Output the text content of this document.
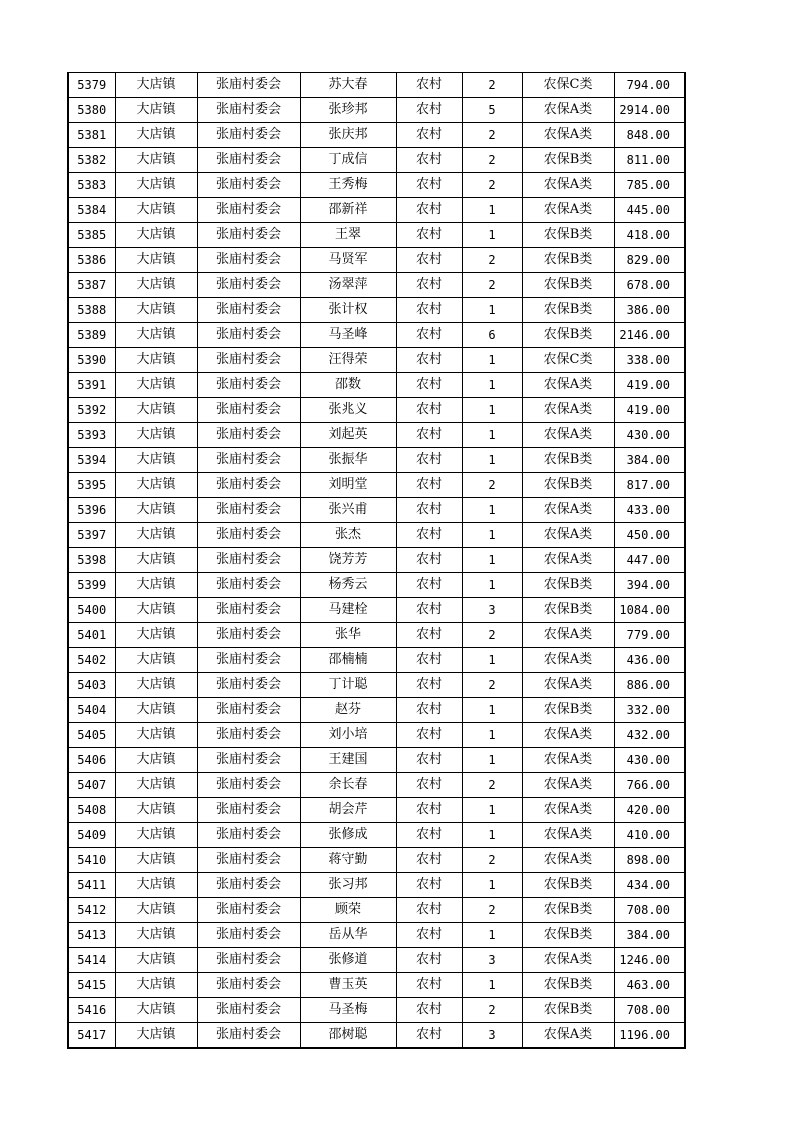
5379	大店镇	张庙村委会	苏大春	农村	2	农保C类	794.00
5380	大店镇	张庙村委会	张珍邦	农村	5	农保A类	2914.00
5381	大店镇	张庙村委会	张庆邦	农村	2	农保A类	848.00
5382	大店镇	张庙村委会	丁成信	农村	2	农保B类	811.00
5383	大店镇	张庙村委会	王秀梅	农村	2	农保A类	785.00
5384	大店镇	张庙村委会	邵新祥	农村	1	农保A类	445.00
5385	大店镇	张庙村委会	王翠	农村	1	农保B类	418.00
5386	大店镇	张庙村委会	马贤军	农村	2	农保B类	829.00
5387	大店镇	张庙村委会	汤翠萍	农村	2	农保B类	678.00
5388	大店镇	张庙村委会	张计权	农村	1	农保B类	386.00
5389	大店镇	张庙村委会	马圣峰	农村	6	农保B类	2146.00
5390	大店镇	张庙村委会	汪得荣	农村	1	农保C类	338.00
5391	大店镇	张庙村委会	邵数	农村	1	农保A类	419.00
5392	大店镇	张庙村委会	张兆义	农村	1	农保A类	419.00
5393	大店镇	张庙村委会	刘起英	农村	1	农保A类	430.00
5394	大店镇	张庙村委会	张振华	农村	1	农保B类	384.00
5395	大店镇	张庙村委会	刘明堂	农村	2	农保B类	817.00
5396	大店镇	张庙村委会	张兴甫	农村	1	农保A类	433.00
5397	大店镇	张庙村委会	张杰	农村	1	农保A类	450.00
5398	大店镇	张庙村委会	饶芳芳	农村	1	农保A类	447.00
5399	大店镇	张庙村委会	杨秀云	农村	1	农保B类	394.00
5400	大店镇	张庙村委会	马建栓	农村	3	农保B类	1084.00
5401	大店镇	张庙村委会	张华	农村	2	农保A类	779.00
5402	大店镇	张庙村委会	邵楠楠	农村	1	农保A类	436.00
5403	大店镇	张庙村委会	丁计聪	农村	2	农保A类	886.00
5404	大店镇	张庙村委会	赵芬	农村	1	农保B类	332.00
5405	大店镇	张庙村委会	刘小培	农村	1	农保A类	432.00
5406	大店镇	张庙村委会	王建国	农村	1	农保A类	430.00
5407	大店镇	张庙村委会	余长春	农村	2	农保A类	766.00
5408	大店镇	张庙村委会	胡会芹	农村	1	农保A类	420.00
5409	大店镇	张庙村委会	张修成	农村	1	农保A类	410.00
5410	大店镇	张庙村委会	蒋守勤	农村	2	农保A类	898.00
5411	大店镇	张庙村委会	张习邦	农村	1	农保B类	434.00
5412	大店镇	张庙村委会	顾荣	农村	2	农保B类	708.00
5413	大店镇	张庙村委会	岳从华	农村	1	农保B类	384.00
5414	大店镇	张庙村委会	张修道	农村	3	农保A类	1246.00
5415	大店镇	张庙村委会	曹玉英	农村	1	农保B类	463.00
5416	大店镇	张庙村委会	马圣梅	农村	2	农保B类	708.00
5417	大店镇	张庙村委会	邵树聪	农村	3	农保A类	1196.00
